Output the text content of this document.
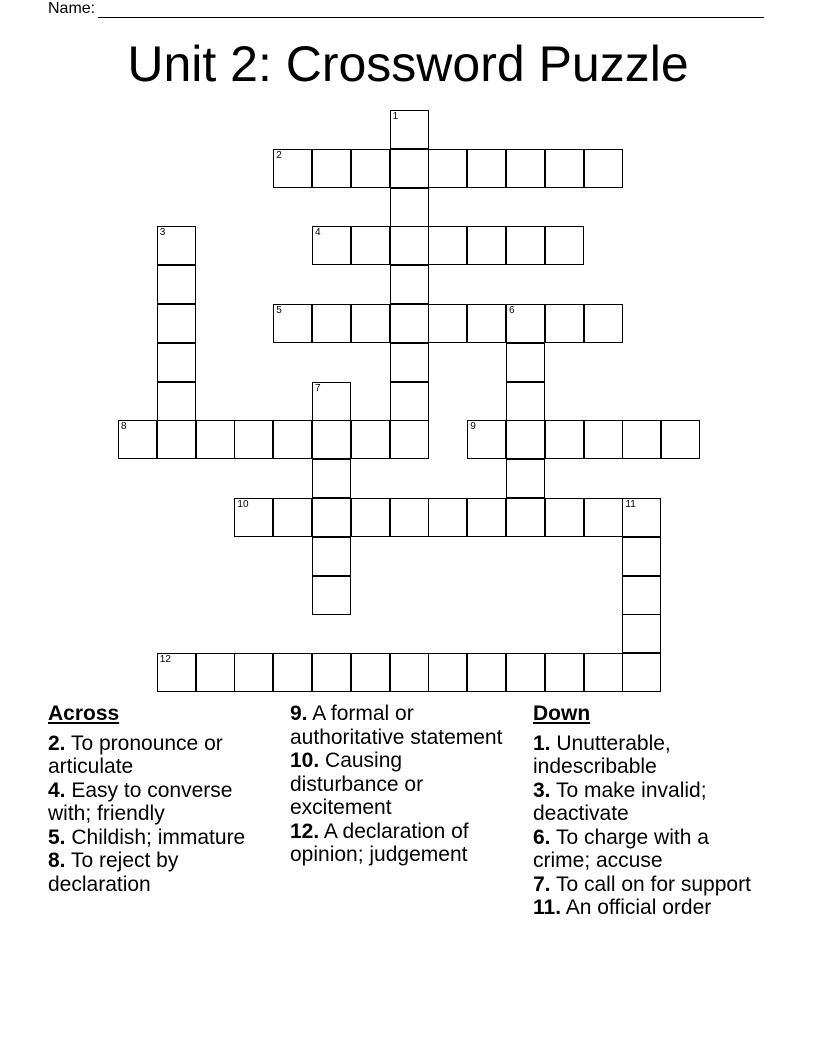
Name:
Unit 2: Crossword Puzzle
1
2
3	4
5	6
7
8	9
10	11
12
Across
2. To pronounce or articulate
4. Easy to converse with; friendly
5. Childish; immature
8. To reject by declaration
9. A formal or authoritative statement
10. Causing disturbance or excitement
12. A declaration of opinion; judgement
Down
1. Unutterable, indescribable
3. To make invalid; deactivate
6. To charge with a crime; accuse
7. To call on for support
11. An official order
